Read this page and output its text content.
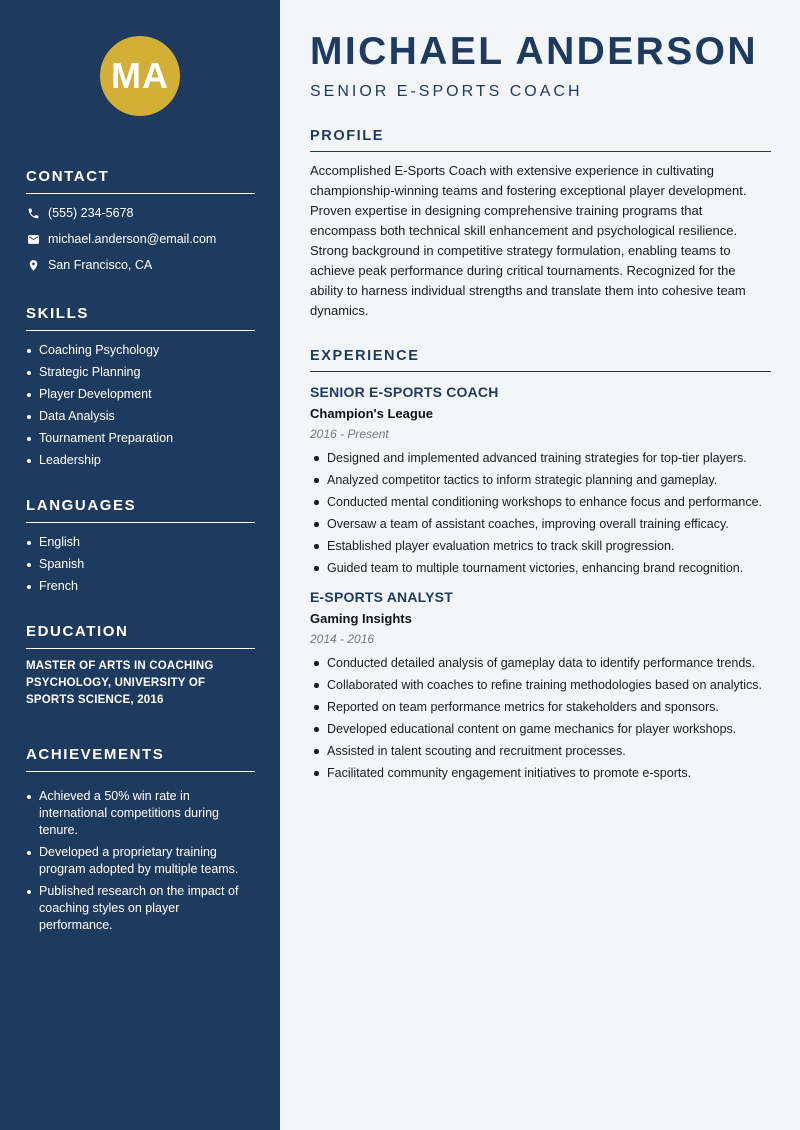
MA
CONTACT
(555) 234-5678
michael.anderson@email.com
San Francisco, CA
SKILLS
Coaching Psychology
Strategic Planning
Player Development
Data Analysis
Tournament Preparation
Leadership
LANGUAGES
English
Spanish
French
EDUCATION
MASTER OF ARTS IN COACHING PSYCHOLOGY, UNIVERSITY OF SPORTS SCIENCE, 2016
ACHIEVEMENTS
Achieved a 50% win rate in international competitions during tenure.
Developed a proprietary training program adopted by multiple teams.
Published research on the impact of coaching styles on player performance.
MICHAEL ANDERSON
SENIOR E-SPORTS COACH
PROFILE
Accomplished E-Sports Coach with extensive experience in cultivating championship-winning teams and fostering exceptional player development. Proven expertise in designing comprehensive training programs that encompass both technical skill enhancement and psychological resilience. Strong background in competitive strategy formulation, enabling teams to achieve peak performance during critical tournaments. Recognized for the ability to harness individual strengths and translate them into cohesive team dynamics.
EXPERIENCE
SENIOR E-SPORTS COACH
Champion's League
2016 - Present
Designed and implemented advanced training strategies for top-tier players.
Analyzed competitor tactics to inform strategic planning and gameplay.
Conducted mental conditioning workshops to enhance focus and performance.
Oversaw a team of assistant coaches, improving overall training efficacy.
Established player evaluation metrics to track skill progression.
Guided team to multiple tournament victories, enhancing brand recognition.
E-SPORTS ANALYST
Gaming Insights
2014 - 2016
Conducted detailed analysis of gameplay data to identify performance trends.
Collaborated with coaches to refine training methodologies based on analytics.
Reported on team performance metrics for stakeholders and sponsors.
Developed educational content on game mechanics for player workshops.
Assisted in talent scouting and recruitment processes.
Facilitated community engagement initiatives to promote e-sports.
